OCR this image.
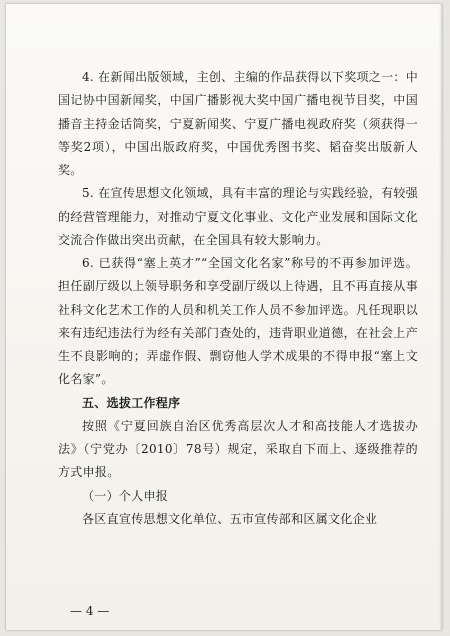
4. 在新闻出版领域，主创、主编的作品获得以下奖项之一：中国记协中国新闻奖，中国广播影视大奖中国广播电视节目奖，中国播音主持金话筒奖，宁夏新闻奖、宁夏广播电视政府奖（须获得一等奖2项），中国出版政府奖，中国优秀图书奖、韬奋奖出版新人奖。

5. 在宣传思想文化领域，具有丰富的理论与实践经验，有较强的经营管理能力，对推动宁夏文化事业、文化产业发展和国际文化交流合作做出突出贡献，在全国具有较大影响力。

6. 已获得“塞上英才”“全国文化名家”称号的不再参加评选。担任副厅级以上领导职务和享受副厅级以上待遇，且不再直接从事社科文化艺术工作的人员和机关工作人员不参加评选。凡任现职以来有违纪违法行为经有关部门查处的，违背职业道德，在社会上产生不良影响的；弄虚作假、剽窃他人学术成果的不得申报“塞上文化名家”。

五、选拔工作程序

按照《宁夏回族自治区优秀高层次人才和高技能人才选拔办法》（宁党办〔2010〕78号）规定，采取自下而上、逐级推荐的方式申报。

（一）个人申报

各区直宣传思想文化单位、五市宣传部和区属文化企业

— 4 —
